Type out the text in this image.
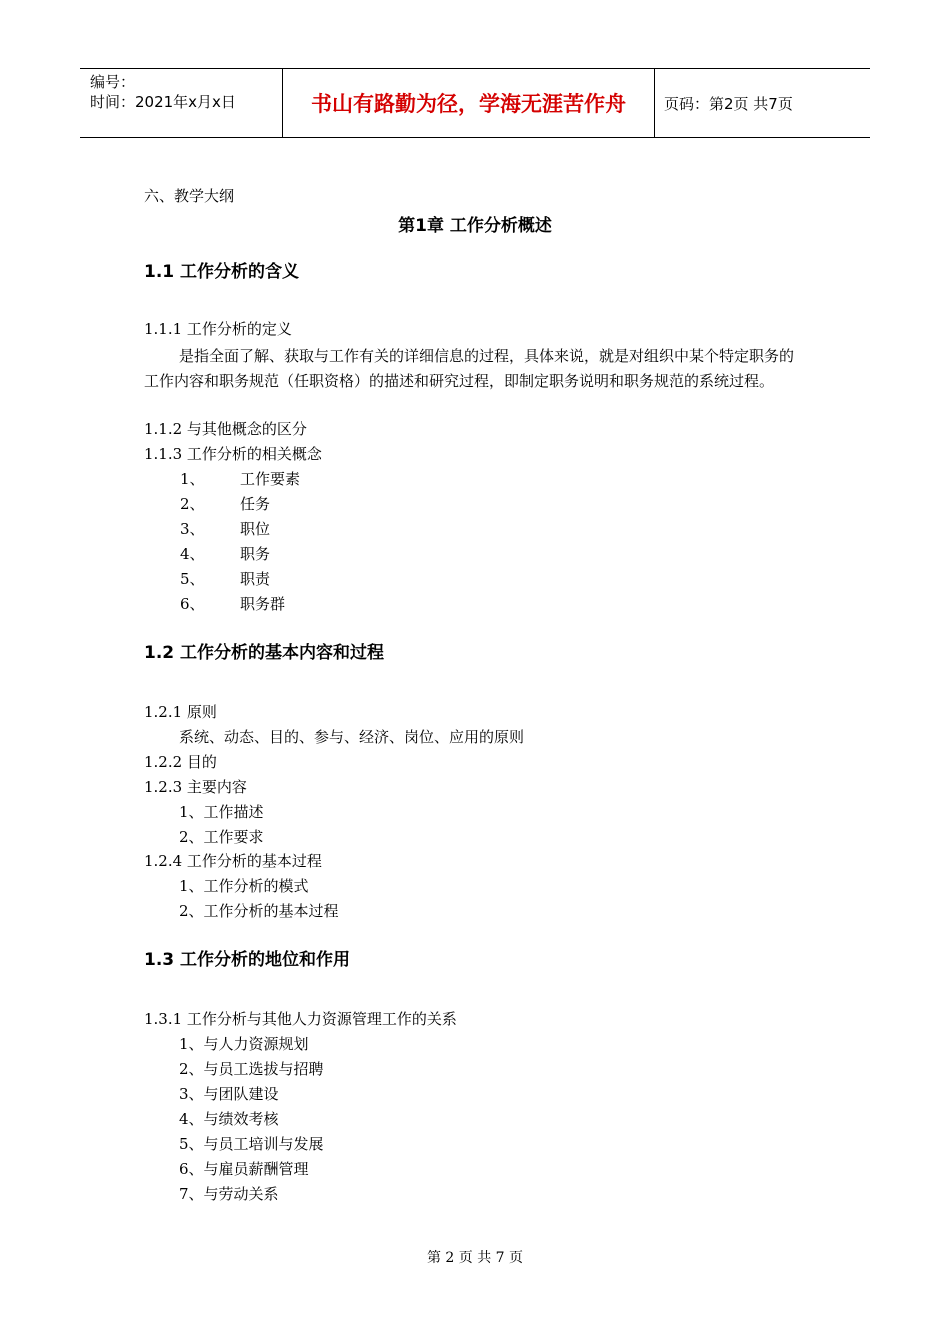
编号：
时间：2021年x月x日	书山有路勤为径，学海无涯苦作舟	页码：第2页 共7页
六、教学大纲
第1章 工作分析概述
1.1 工作分析的含义
1.1.1 工作分析的定义
是指全面了解、获取与工作有关的详细信息的过程，具体来说，就是对组织中某个特定职务的工作内容和职务规范（任职资格）的描述和研究过程，即制定职务说明和职务规范的系统过程。
1.1.2 与其他概念的区分
1.1.3 工作分析的相关概念
1、 工作要素
2、 任务
3、 职位
4、 职务
5、 职责
6、 职务群
1.2 工作分析的基本内容和过程
1.2.1 原则
系统、动态、目的、参与、经济、岗位、应用的原则
1.2.2 目的
1.2.3 主要内容
1、工作描述
2、工作要求
1.2.4 工作分析的基本过程
1、工作分析的模式
2、工作分析的基本过程
1.3 工作分析的地位和作用
1.3.1 工作分析与其他人力资源管理工作的关系
1、与人力资源规划
2、与员工选拔与招聘
3、与团队建设
4、与绩效考核
5、与员工培训与发展
6、与雇员薪酬管理
7、与劳动关系
第 2 页 共 7 页
